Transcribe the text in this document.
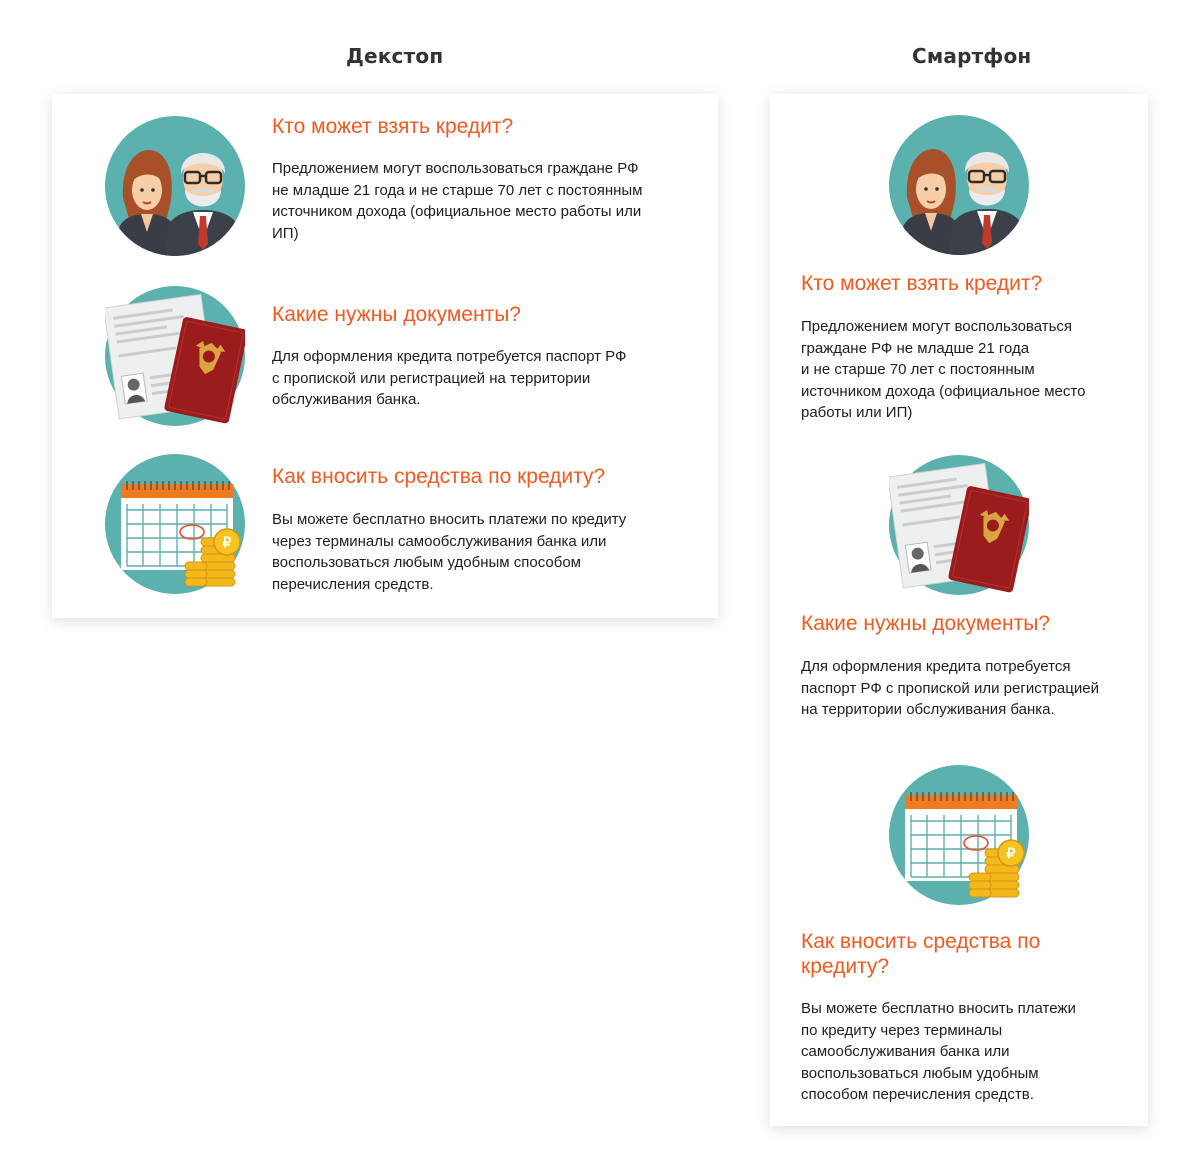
Декстоп	Смартфон
Кто может взять кредит?
Предложением могут воспользоваться граждане РФ
не младше 21 года и не старше 70 лет с постоянным
источником дохода (официальное место работы или
ИП)
Какие нужны документы?
Для оформления кредита потребуется паспорт РФ
с пропиской или регистрацией на территории
обслуживания банка.
Как вносить средства по кредиту?
Вы можете бесплатно вносить платежи по кредиту
через терминалы самообслуживания банка или
воспользоваться любым удобным способом
перечисления средств.
Кто может взять кредит?
Предложением могут воспользоваться
граждане РФ не младше 21 года
и не старше 70 лет с постоянным
источником дохода (официальное место
работы или ИП)
Какие нужны документы?
Для оформления кредита потребуется
паспорт РФ с пропиской или регистрацией
на территории обслуживания банка.
Как вносить средства по
кредиту?
Вы можете бесплатно вносить платежи
по кредиту через терминалы
самообслуживания банка или
воспользоваться любым удобным
способом перечисления средств.
